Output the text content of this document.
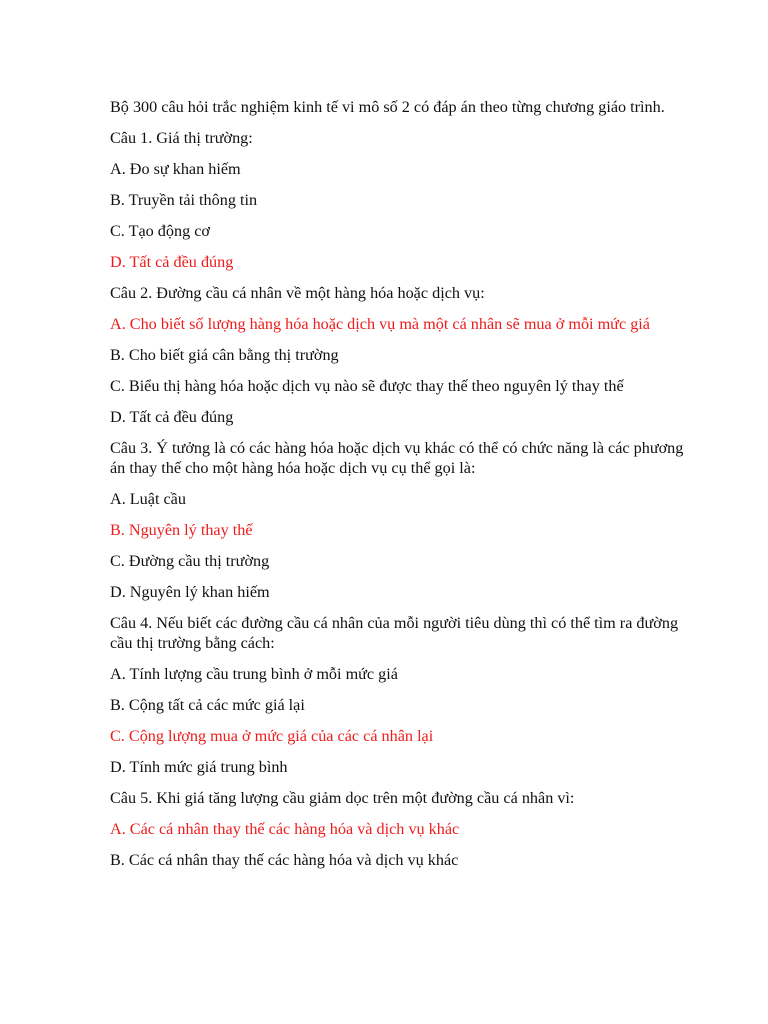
Bộ 300 câu hỏi trắc nghiệm kinh tế vi mô số 2 có đáp án theo từng chương giáo trình.

Câu 1. Giá thị trường:

A. Đo sự khan hiếm

B. Truyền tải thông tin

C. Tạo động cơ

D. Tất cả đều đúng

Câu 2. Đường cầu cá nhân về một hàng hóa hoặc dịch vụ:

A. Cho biết số lượng hàng hóa hoặc dịch vụ mà một cá nhân sẽ mua ở mỗi mức giá

B. Cho biết giá cân bằng thị trường

C. Biểu thị hàng hóa hoặc dịch vụ nào sẽ được thay thế theo nguyên lý thay thế

D. Tất cả đều đúng

Câu 3. Ý tưởng là có các hàng hóa hoặc dịch vụ khác có thể có chức năng là các phương án thay thế cho một hàng hóa hoặc dịch vụ cụ thể gọi là:

A. Luật cầu

B. Nguyên lý thay thế

C. Đường cầu thị trường

D. Nguyên lý khan hiếm

Câu 4. Nếu biết các đường cầu cá nhân của mỗi người tiêu dùng thì có thể tìm ra đường cầu thị trường bằng cách:

A. Tính lượng cầu trung bình ở mỗi mức giá

B. Cộng tất cả các mức giá lại

C. Cộng lượng mua ở mức giá của các cá nhân lại

D. Tính mức giá trung bình

Câu 5. Khi giá tăng lượng cầu giảm dọc trên một đường cầu cá nhân vì:

A. Các cá nhân thay thế các hàng hóa và dịch vụ khác

B. Các cá nhân thay thế các hàng hóa và dịch vụ khác
